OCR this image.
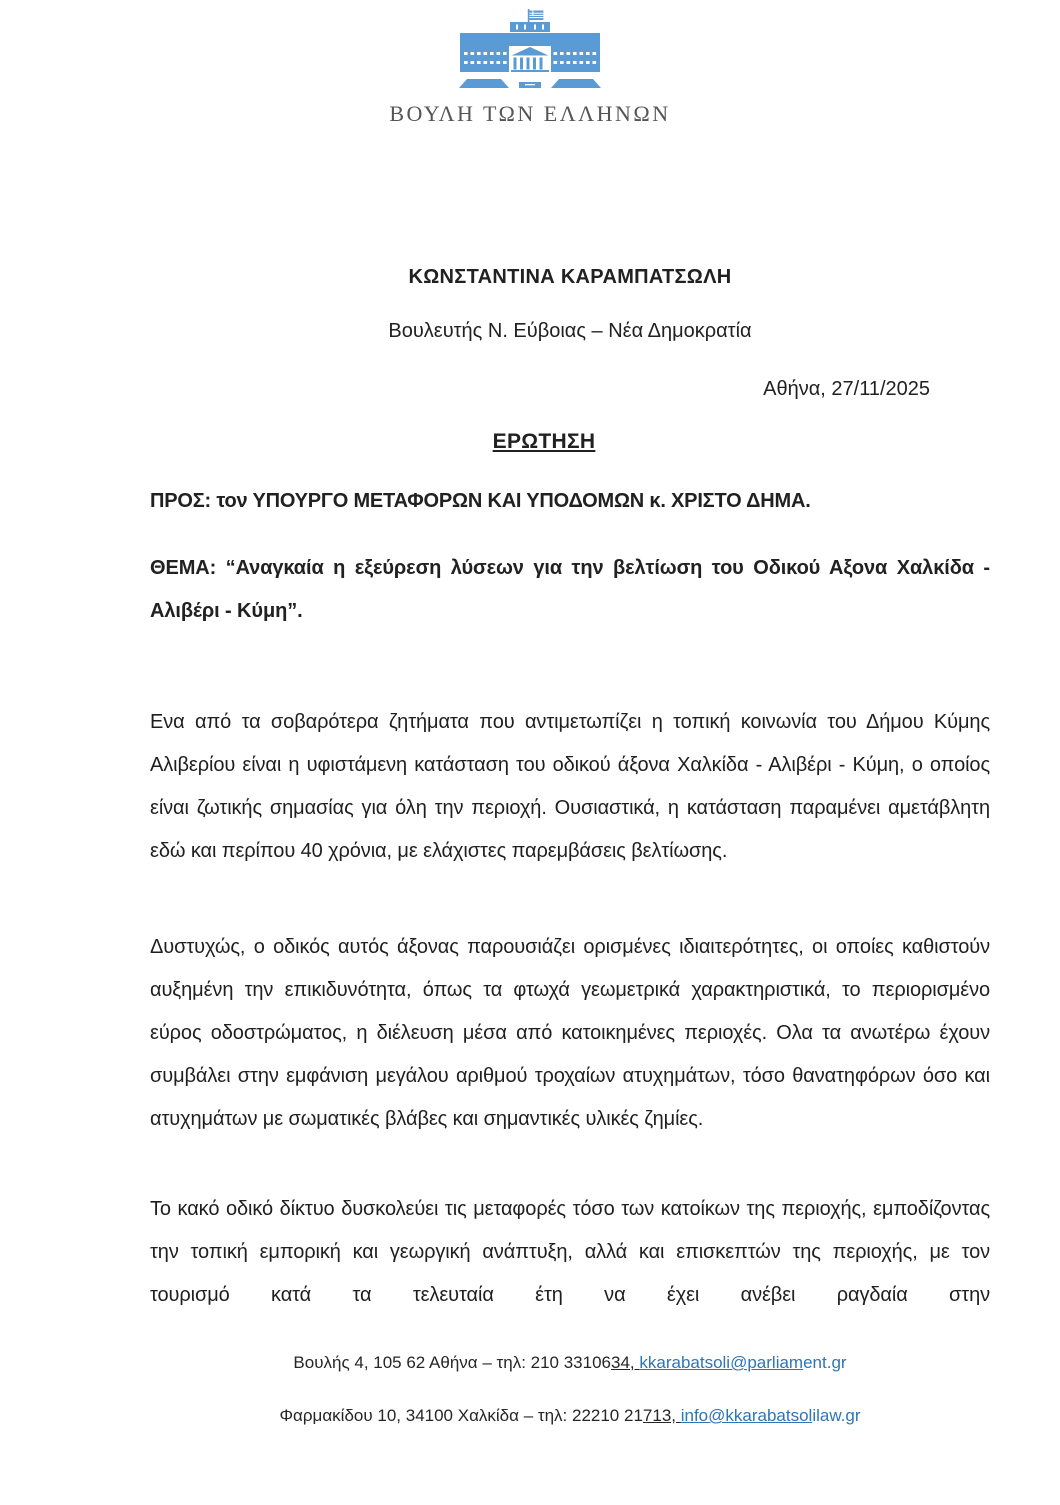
ΒΟΥΛΗ ΤΩΝ ΕΛΛΗΝΩΝ
ΚΩΝΣΤΑΝΤΙΝΑ ΚΑΡΑΜΠΑΤΣΩΛΗ
Βουλευτής Ν. Εύβοιας – Νέα Δημοκρατία
Αθήνα, 27/11/2025
ΕΡΩΤΗΣΗ
ΠΡΟΣ: τον ΥΠΟΥΡΓΟ ΜΕΤΑΦΟΡΩΝ ΚΑΙ ΥΠΟΔΟΜΩΝ κ. ΧΡΙΣΤΟ ΔΗΜΑ.
ΘΕΜΑ: “Αναγκαία η εξεύρεση λύσεων για την βελτίωση του Οδικού Αξονα Χαλκίδα - Αλιβέρι - Κύμη”.

Ενα από τα σοβαρότερα ζητήματα που αντιμετωπίζει η τοπική κοινωνία του Δήμου Κύμης Αλιβερίου είναι η υφιστάμενη κατάσταση του οδικού άξονα Χαλκίδα - Αλιβέρι - Κύμη, ο οποίος είναι ζωτικής σημασίας για όλη την περιοχή. Ουσιαστικά, η κατάσταση παραμένει αμετάβλητη εδώ και περίπου 40 χρόνια, με ελάχιστες παρεμβάσεις βελτίωσης.

Δυστυχώς, ο οδικός αυτός άξονας παρουσιάζει ορισμένες ιδιαιτερότητες, οι οποίες καθιστούν αυξημένη την επικιδυνότητα, όπως τα φτωχά γεωμετρικά χαρακτηριστικά, το περιορισμένο εύρος οδοστρώματος, η διέλευση μέσα από κατοικημένες περιοχές. Ολα τα ανωτέρω έχουν συμβάλει στην εμφάνιση μεγάλου αριθμού τροχαίων ατυχημάτων, τόσο θανατηφόρων όσο και ατυχημάτων με σωματικές βλάβες και σημαντικές υλικές ζημίες.

Το κακό οδικό δίκτυο δυσκολεύει τις μεταφορές τόσο των κατοίκων της περιοχής, εμποδίζοντας την τοπική εμπορική και γεωργική ανάπτυξη, αλλά και επισκεπτών της περιοχής, με τον τουρισμό κατά τα τελευταία έτη να έχει ανέβει ραγδαία στην

Βουλής 4, 105 62 Αθήνα – τηλ: 210 3310634, kkarabatsoli@parliament.gr
Φαρμακίδου 10, 34100 Χαλκίδα – τηλ: 22210 21713, info@kkarabatsolilaw.gr
